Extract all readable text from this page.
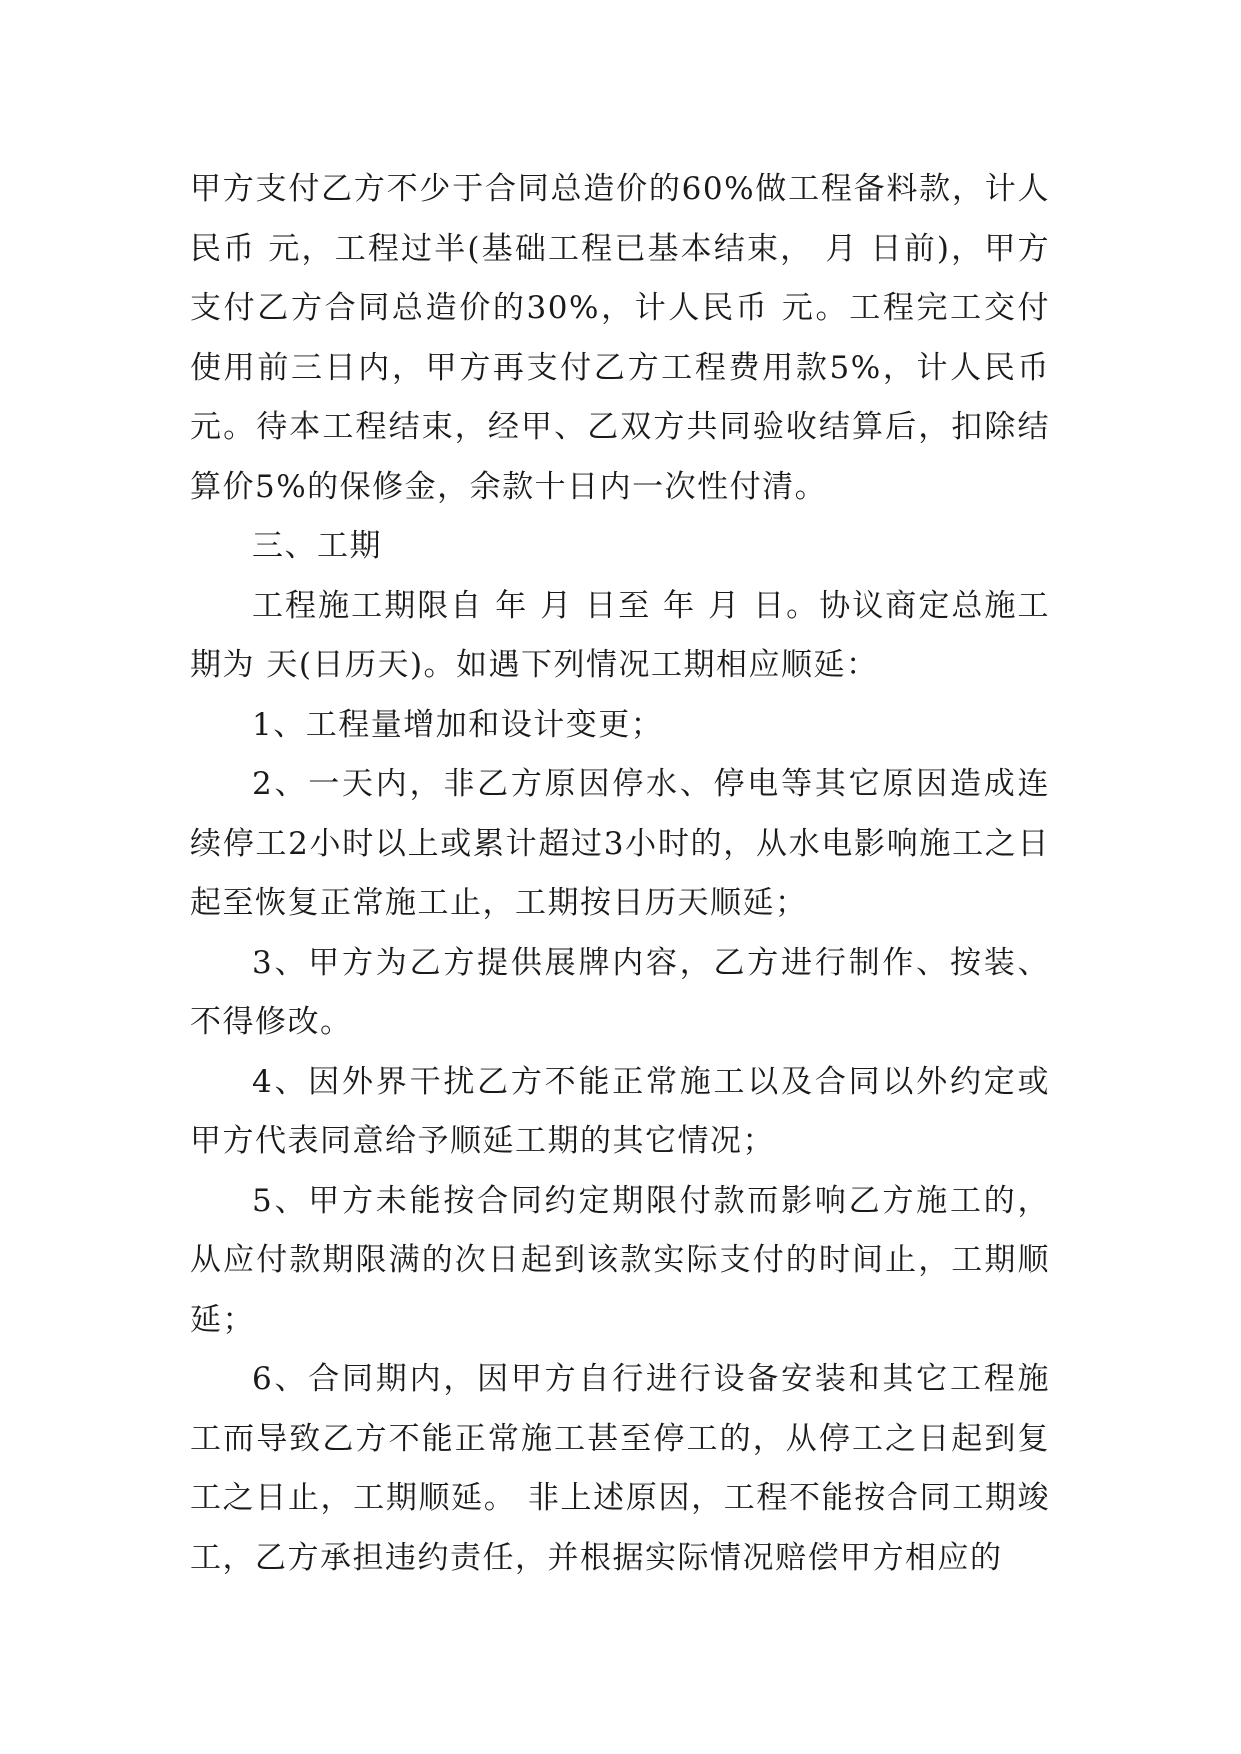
甲方支付乙方不少于合同总造价的60%做工程备料款，计人民币 元，工程过半(基础工程已基本结束， 月 日前)，甲方支付乙方合同总造价的30%，计人民币 元。工程完工交付使用前三日内，甲方再支付乙方工程费用款5%，计人民币 元。待本工程结束，经甲、乙双方共同验收结算后，扣除结算价5%的保修金，余款十日内一次性付清。

三、工期

工程施工期限自 年 月 日至 年 月 日。协议商定总施工期为 天(日历天)。如遇下列情况工期相应顺延：

1、工程量增加和设计变更；

2、一天内，非乙方原因停水、停电等其它原因造成连续停工2小时以上或累计超过3小时的，从水电影响施工之日起至恢复正常施工止，工期按日历天顺延；

3、甲方为乙方提供展牌内容，乙方进行制作、按装、不得修改。

4、因外界干扰乙方不能正常施工以及合同以外约定或甲方代表同意给予顺延工期的其它情况；

5、甲方未能按合同约定期限付款而影响乙方施工的，从应付款期限满的次日起到该款实际支付的时间止，工期顺延；

6、合同期内，因甲方自行进行设备安装和其它工程施工而导致乙方不能正常施工甚至停工的，从停工之日起到复工之日止，工期顺延。 非上述原因，工程不能按合同工期竣工，乙方承担违约责任，并根据实际情况赔偿甲方相应的
